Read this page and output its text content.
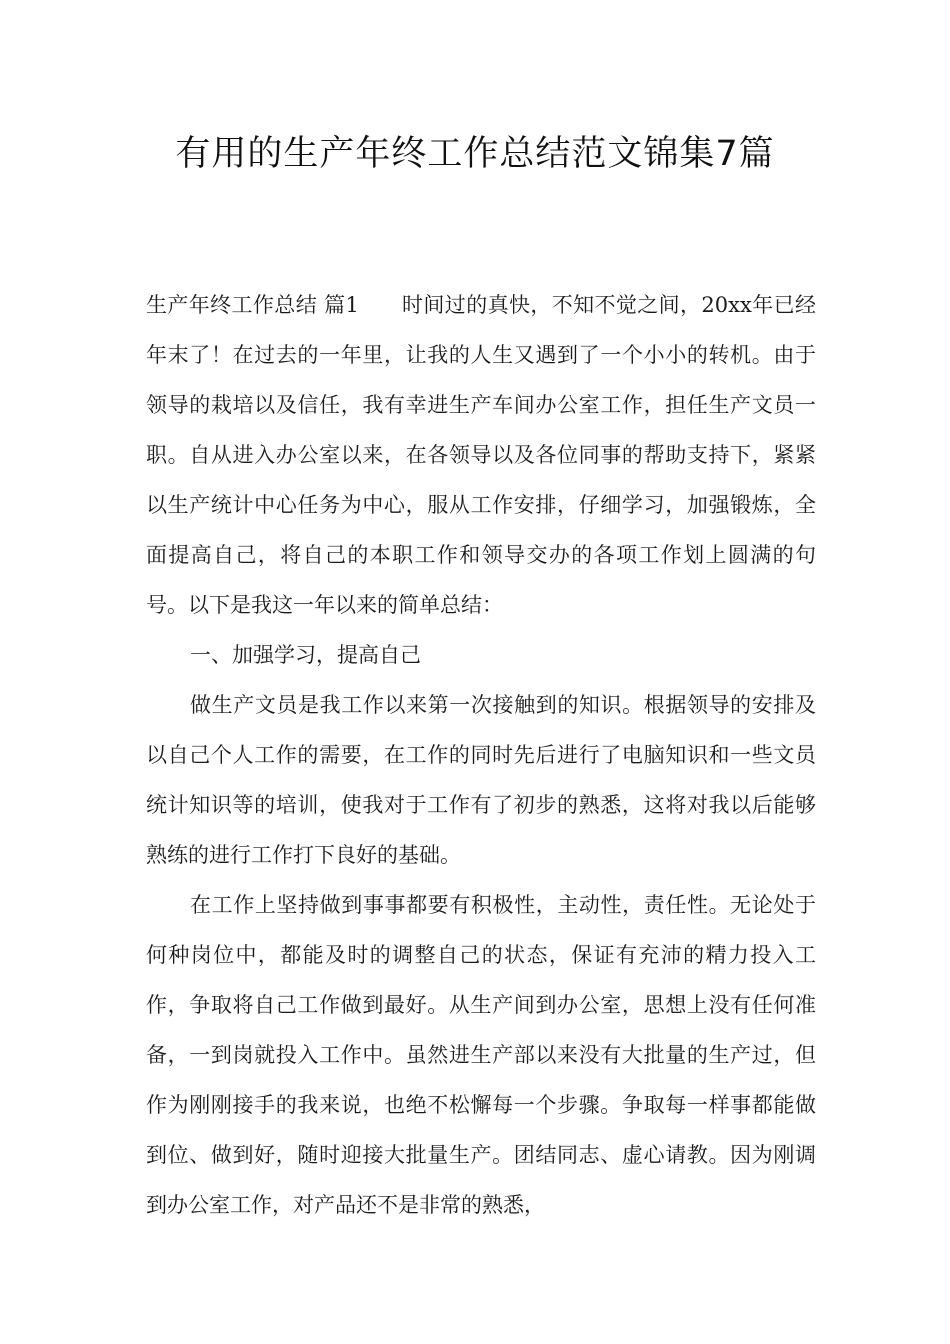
有用的生产年终工作总结范文锦集7篇

生产年终工作总结 篇1　　时间过的真快，不知不觉之间，20xx年已经年末了！在过去的一年里，让我的人生又遇到了一个小小的转机。由于领导的栽培以及信任，我有幸进生产车间办公室工作，担任生产文员一职。自从进入办公室以来，在各领导以及各位同事的帮助支持下，紧紧以生产统计中心任务为中心，服从工作安排，仔细学习，加强锻炼，全面提高自己，将自己的本职工作和领导交办的各项工作划上圆满的句号。以下是我这一年以来的简单总结：

一、加强学习，提高自己

做生产文员是我工作以来第一次接触到的知识。根据领导的安排及以自己个人工作的需要，在工作的同时先后进行了电脑知识和一些文员统计知识等的培训，使我对于工作有了初步的熟悉，这将对我以后能够熟练的进行工作打下良好的基础。

在工作上坚持做到事事都要有积极性，主动性，责任性。无论处于何种岗位中，都能及时的调整自己的状态，保证有充沛的精力投入工作，争取将自己工作做到最好。从生产间到办公室，思想上没有任何准备，一到岗就投入工作中。虽然进生产部以来没有大批量的生产过，但作为刚刚接手的我来说，也绝不松懈每一个步骤。争取每一样事都能做到位、做到好，随时迎接大批量生产。团结同志、虚心请教。因为刚调到办公室工作，对产品还不是非常的熟悉，
